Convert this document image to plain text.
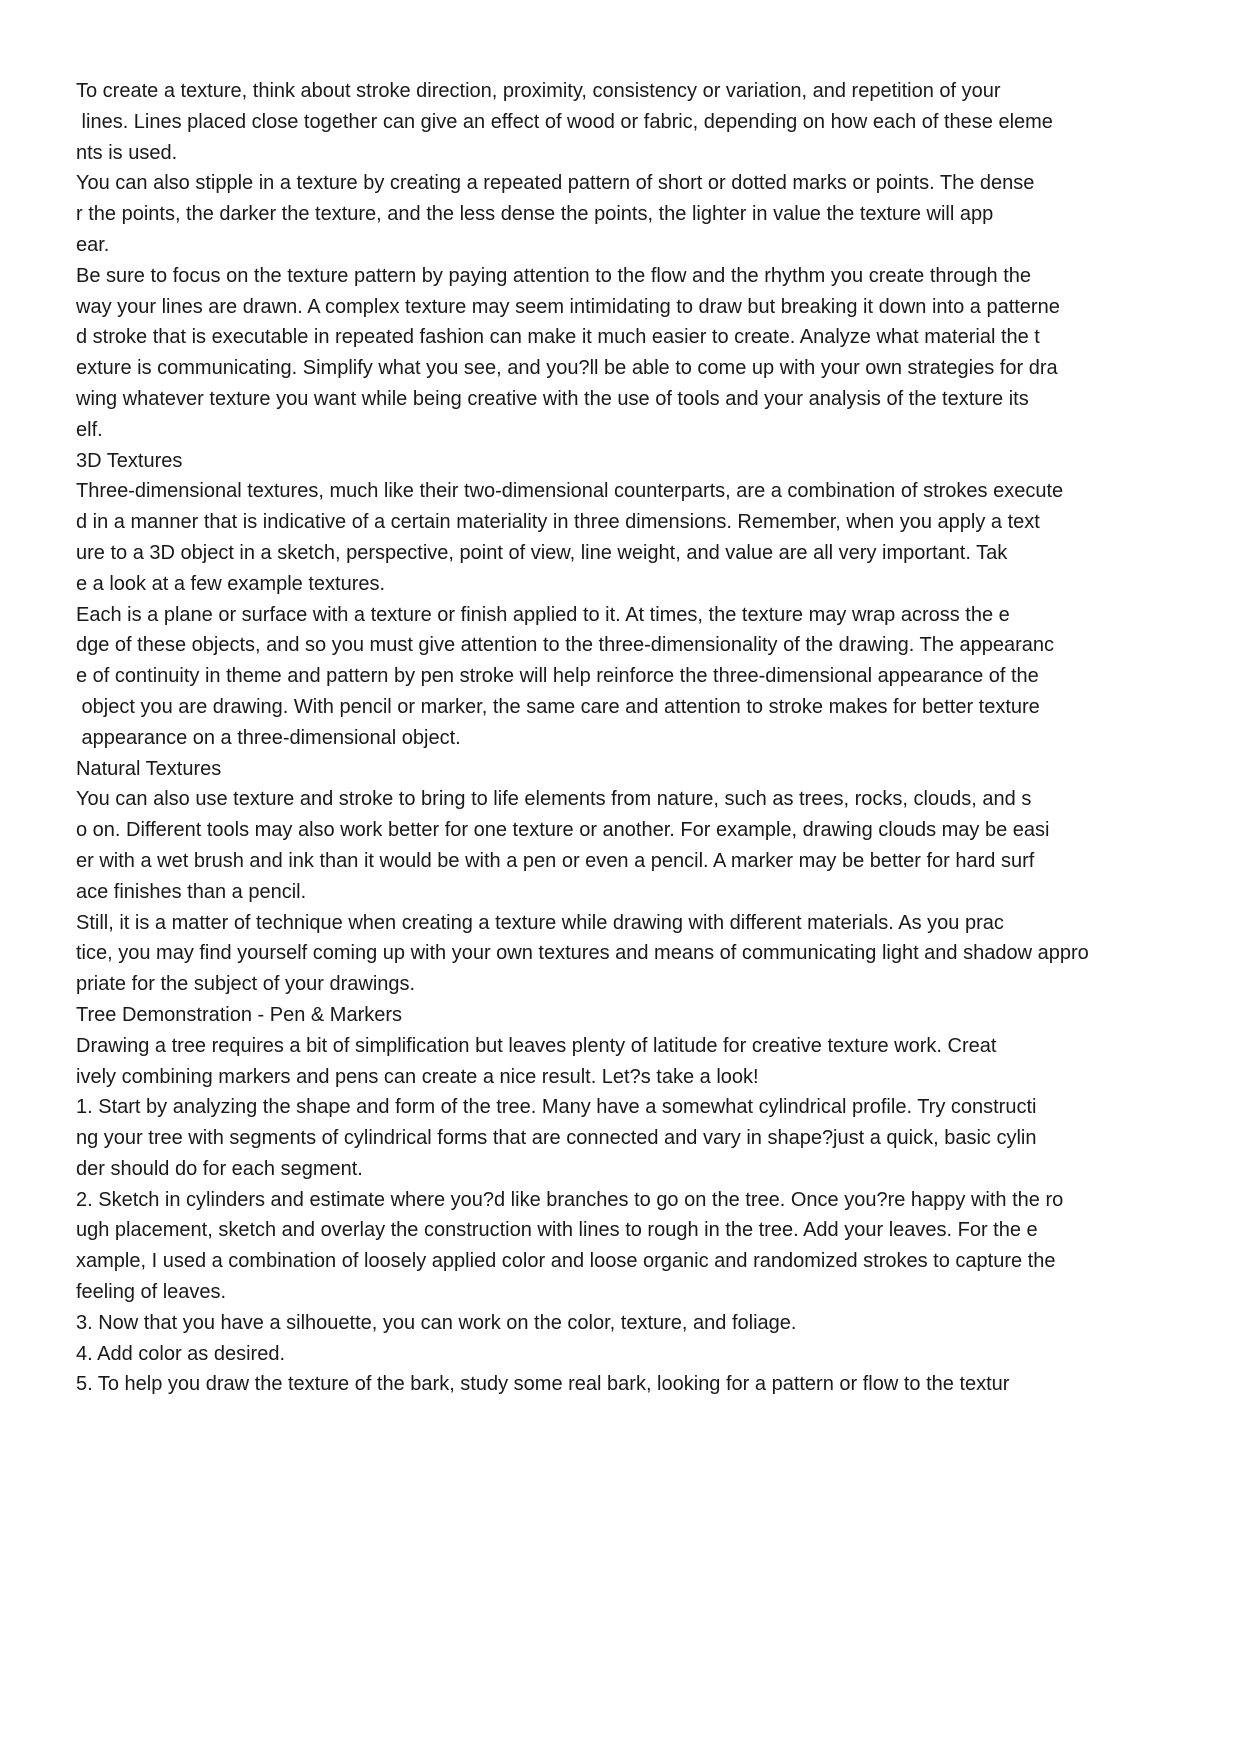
To create a texture, think about stroke direction, proximity, consistency or variation, and repetition of your
lines. Lines placed close together can give an effect of wood or fabric, depending on how each of these eleme
nts is used.
You can also stipple in a texture by creating a repeated pattern of short or dotted marks or points. The dense
r the points, the darker the texture, and the less dense the points, the lighter in value the texture will app
ear.
Be sure to focus on the texture pattern by paying attention to the flow and the rhythm you create through the
way your lines are drawn. A complex texture may seem intimidating to draw but breaking it down into a patterne
d stroke that is executable in repeated fashion can make it much easier to create. Analyze what material the t
exture is communicating. Simplify what you see, and you?ll be able to come up with your own strategies for dra
wing whatever texture you want while being creative with the use of tools and your analysis of the texture its
elf.
3D Textures
Three-dimensional textures, much like their two-dimensional counterparts, are a combination of strokes execute
d in a manner that is indicative of a certain materiality in three dimensions. Remember, when you apply a text
ure to a 3D object in a sketch, perspective, point of view, line weight, and value are all very important. Tak
e a look at a few example textures.
Each is a plane or surface with a texture or finish applied to it. At times, the texture may wrap across the e
dge of these objects, and so you must give attention to the three-dimensionality of the drawing. The appearanc
e of continuity in theme and pattern by pen stroke will help reinforce the three-dimensional appearance of the
object you are drawing. With pencil or marker, the same care and attention to stroke makes for better texture
appearance on a three-dimensional object.
Natural Textures
You can also use texture and stroke to bring to life elements from nature, such as trees, rocks, clouds, and s
o on. Different tools may also work better for one texture or another. For example, drawing clouds may be easi
er with a wet brush and ink than it would be with a pen or even a pencil. A marker may be better for hard surf
ace finishes than a pencil.
Still, it is a matter of technique when creating a texture while drawing with different materials. As you prac
tice, you may find yourself coming up with your own textures and means of communicating light and shadow appro
priate for the subject of your drawings.
Tree Demonstration - Pen & Markers
Drawing a tree requires a bit of simplification but leaves plenty of latitude for creative texture work. Creat
ively combining markers and pens can create a nice result. Let?s take a look!
1. Start by analyzing the shape and form of the tree. Many have a somewhat cylindrical profile. Try constructi
ng your tree with segments of cylindrical forms that are connected and vary in shape?just a quick, basic cylin
der should do for each segment.
2. Sketch in cylinders and estimate where you?d like branches to go on the tree. Once you?re happy with the ro
ugh placement, sketch and overlay the construction with lines to rough in the tree. Add your leaves. For the e
xample, I used a combination of loosely applied color and loose organic and randomized strokes to capture the
feeling of leaves.
3. Now that you have a silhouette, you can work on the color, texture, and foliage.
4. Add color as desired.
5. To help you draw the texture of the bark, study some real bark, looking for a pattern or flow to the textur
